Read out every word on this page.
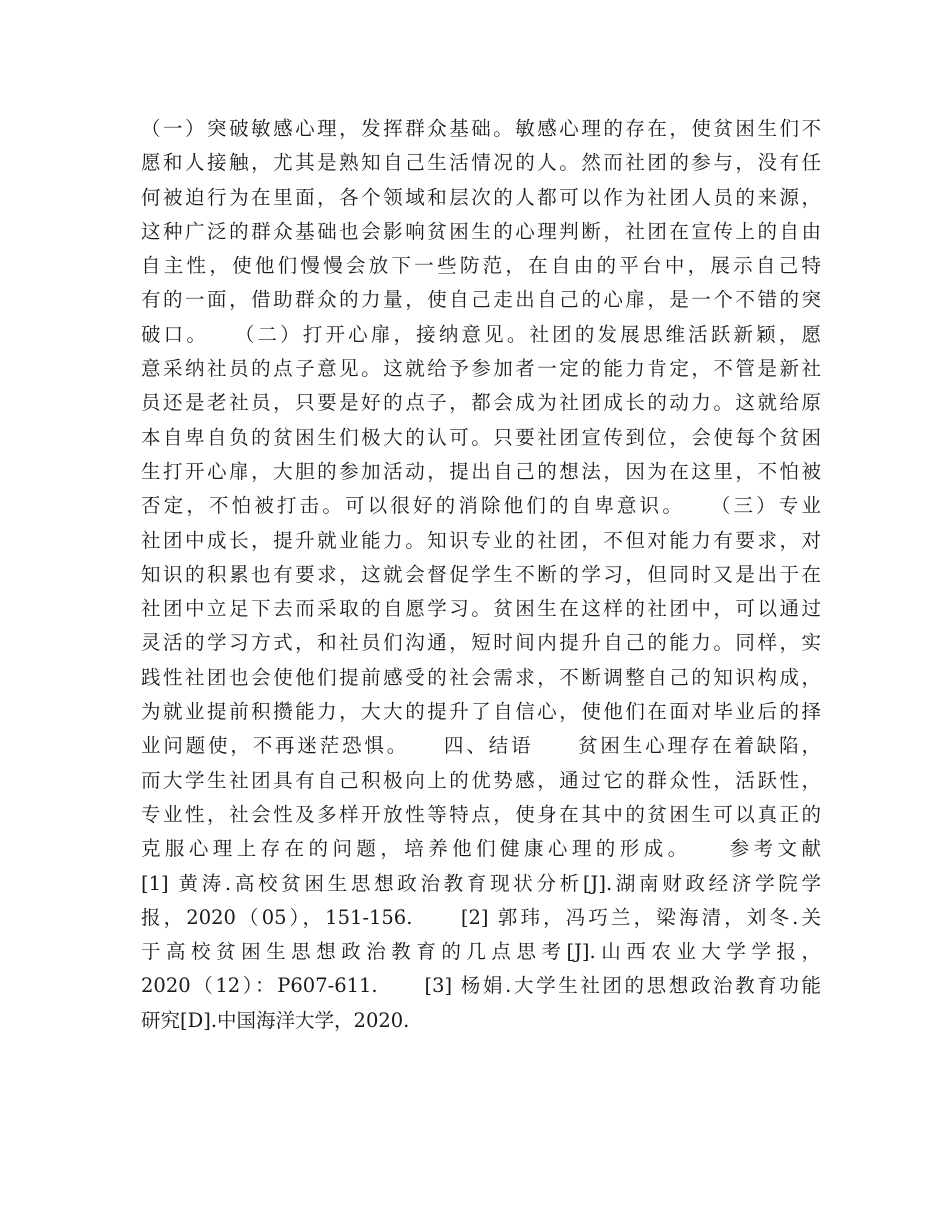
（一）突破敏感心理，发挥群众基础。敏感心理的存在，使贫困生们不
愿和人接触，尤其是熟知自己生活情况的人。然而社团的参与，没有任
何被迫行为在里面，各个领域和层次的人都可以作为社团人员的来源，
这种广泛的群众基础也会影响贫困生的心理判断，社团在宣传上的自由
自主性，使他们慢慢会放下一些防范，在自由的平台中，展示自己特
有的一面，借助群众的力量，使自己走出自己的心扉，是一个不错的突
破口。　　（二）打开心扉，接纳意见。社团的发展思维活跃新颖，愿
意采纳社员的点子意见。这就给予参加者一定的能力肯定，不管是新社
员还是老社员，只要是好的点子，都会成为社团成长的动力。这就给原
本自卑自负的贫困生们极大的认可。只要社团宣传到位，会使每个贫困
生打开心扉，大胆的参加活动，提出自己的想法，因为在这里，不怕被
否定，不怕被打击。可以很好的消除他们的自卑意识。　　（三）专业
社团中成长，提升就业能力。知识专业的社团，不但对能力有要求，对
知识的积累也有要求，这就会督促学生不断的学习，但同时又是出于在
社团中立足下去而采取的自愿学习。贫困生在这样的社团中，可以通过
灵活的学习方式，和社员们沟通，短时间内提升自己的能力。同样，实
践性社团也会使他们提前感受的社会需求，不断调整自己的知识构成，
为就业提前积攒能力，大大的提升了自信心，使他们在面对毕业后的择
业问题使，不再迷茫恐惧。　　四、结语　　贫困生心理存在着缺陷，
而大学生社团具有自己积极向上的优势感，通过它的群众性，活跃性，
专业性，社会性及多样开放性等特点，使身在其中的贫困生可以真正的
克服心理上存在的问题，培养他们健康心理的形成。　　参考文献
[1] 黄涛.高校贫困生思想政治教育现状分析[J].湖南财政经济学院学
报，2020（05），151-156.　　[2] 郭玮，冯巧兰，梁海清，刘冬.关
于高校贫困生思想政治教育的几点思考[J].山西农业大学学报，
2020（12）：P607-611.　　[3] 杨娟.大学生社团的思想政治教育功能
研究[D].中国海洋大学，2020.
